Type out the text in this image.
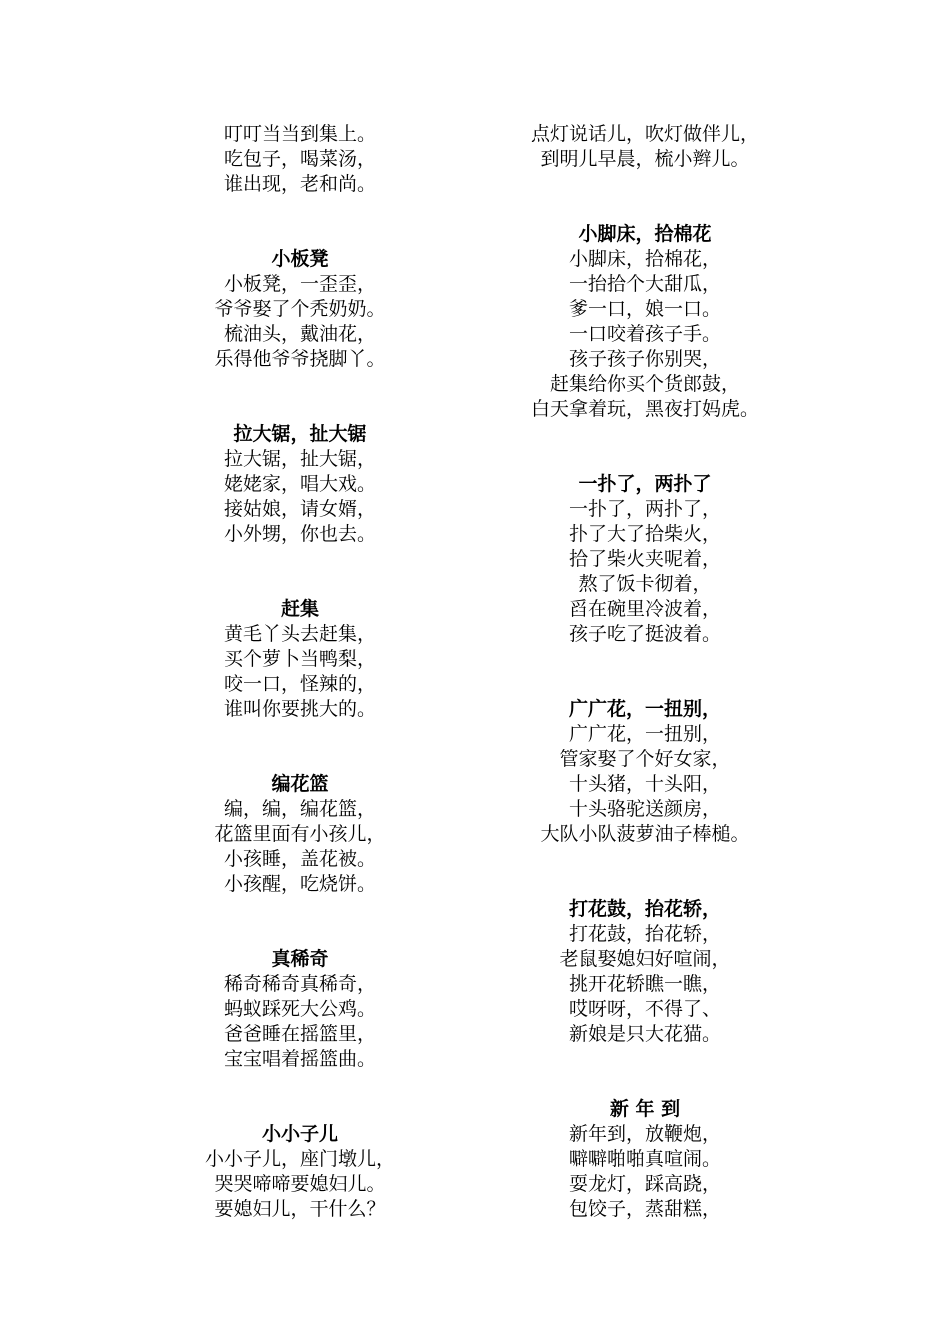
叮叮当当到集上。
吃包子，喝菜汤，
谁出现，老和尚。
小板凳
小板凳，一歪歪，
爷爷娶了个秃奶奶。
梳油头，戴油花，
乐得他爷爷挠脚丫。
拉大锯，扯大锯
拉大锯，扯大锯，
姥姥家，唱大戏。
接姑娘，请女婿，
小外甥，你也去。
赶集
黄毛丫头去赶集，
买个萝卜当鸭梨，
咬一口，怪辣的，
谁叫你要挑大的。
编花篮
编，编，编花篮，
花篮里面有小孩儿，
小孩睡，盖花被。
小孩醒，吃烧饼。
真稀奇
稀奇稀奇真稀奇，
蚂蚁踩死大公鸡。
爸爸睡在摇篮里，
宝宝唱着摇篮曲。
小小子儿
小小子儿，座门墩儿，
哭哭啼啼要媳妇儿。
要媳妇儿，干什么？
点灯说话儿，吹灯做伴儿，
到明儿早晨，梳小辫儿。
小脚床，拾棉花
小脚床，拾棉花，
一抬拾个大甜瓜，
爹一口，娘一口。
一口咬着孩子手。
孩子孩子你别哭，
赶集给你买个货郎鼓，
白天拿着玩，黑夜打妈虎。
一扑了，两扑了
一扑了，两扑了，
扑了大了拾柴火，
拾了柴火夹呢着，
熬了饭卡彻着，
舀在碗里冷波着，
孩子吃了挺波着。
广广花，一扭别，
广广花，一扭别，
管家娶了个好女家，
十头猪，十头阳，
十头骆驼送颜房，
大队小队菠萝油子棒槌。
打花鼓，抬花轿，
打花鼓，抬花轿，
老鼠娶媳妇好喧闹，
挑开花轿瞧一瞧，
哎呀呀，不得了、
新娘是只大花猫。
新 年 到
新年到，放鞭炮，
噼噼啪啪真喧闹。
耍龙灯，踩高跷，
包饺子，蒸甜糕，
